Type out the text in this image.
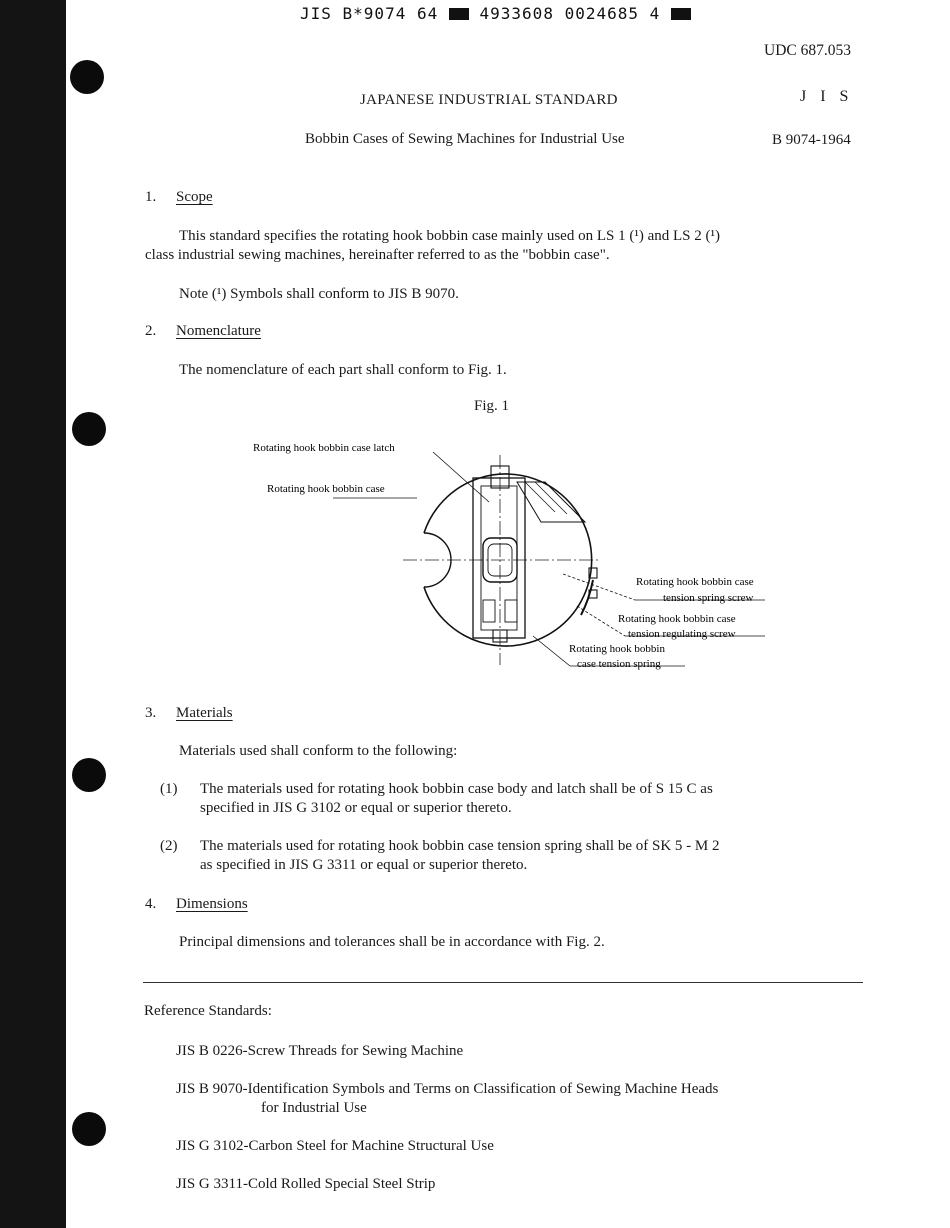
JIS B*9074 64	4933608 0024685 4
UDC 687.053
JAPANESE INDUSTRIAL STANDARD	J I S
Bobbin Cases of Sewing Machines for Industrial Use	B 9074-1964
1. Scope

This standard specifies the rotating hook bobbin case mainly used on LS 1 (¹) and LS 2 (¹)

class industrial sewing machines, hereinafter referred to as the "bobbin case".

Note (¹) Symbols shall conform to JIS B 9070.
2. Nomenclature
The nomenclature of each part shall conform to Fig. 1.
Fig. 1
Rotating hook bobbin case latch
Rotating hook bobbin case
Rotating hook bobbin case
tension spring screw
Rotating hook bobbin case
tension regulating screw
Rotating hook bobbin
case tension spring
3. Materials
Materials used shall conform to the following:
(1) The materials used for rotating hook bobbin case body and latch shall be of S 15 C as

specified in JIS G 3102 or equal or superior thereto.

(2) The materials used for rotating hook bobbin case tension spring shall be of SK 5 - M 2

as specified in JIS G 3311 or equal or superior thereto.

4. Dimensions
Principal dimensions and tolerances shall be in accordance with Fig. 2.
Reference Standards:
JIS B 0226-Screw Threads for Sewing Machine
JIS B 9070-Identification Symbols and Terms on Classification of Sewing Machine Heads
for Industrial Use
JIS G 3102-Carbon Steel for Machine Structural Use
JIS G 3311-Cold Rolled Special Steel Strip
